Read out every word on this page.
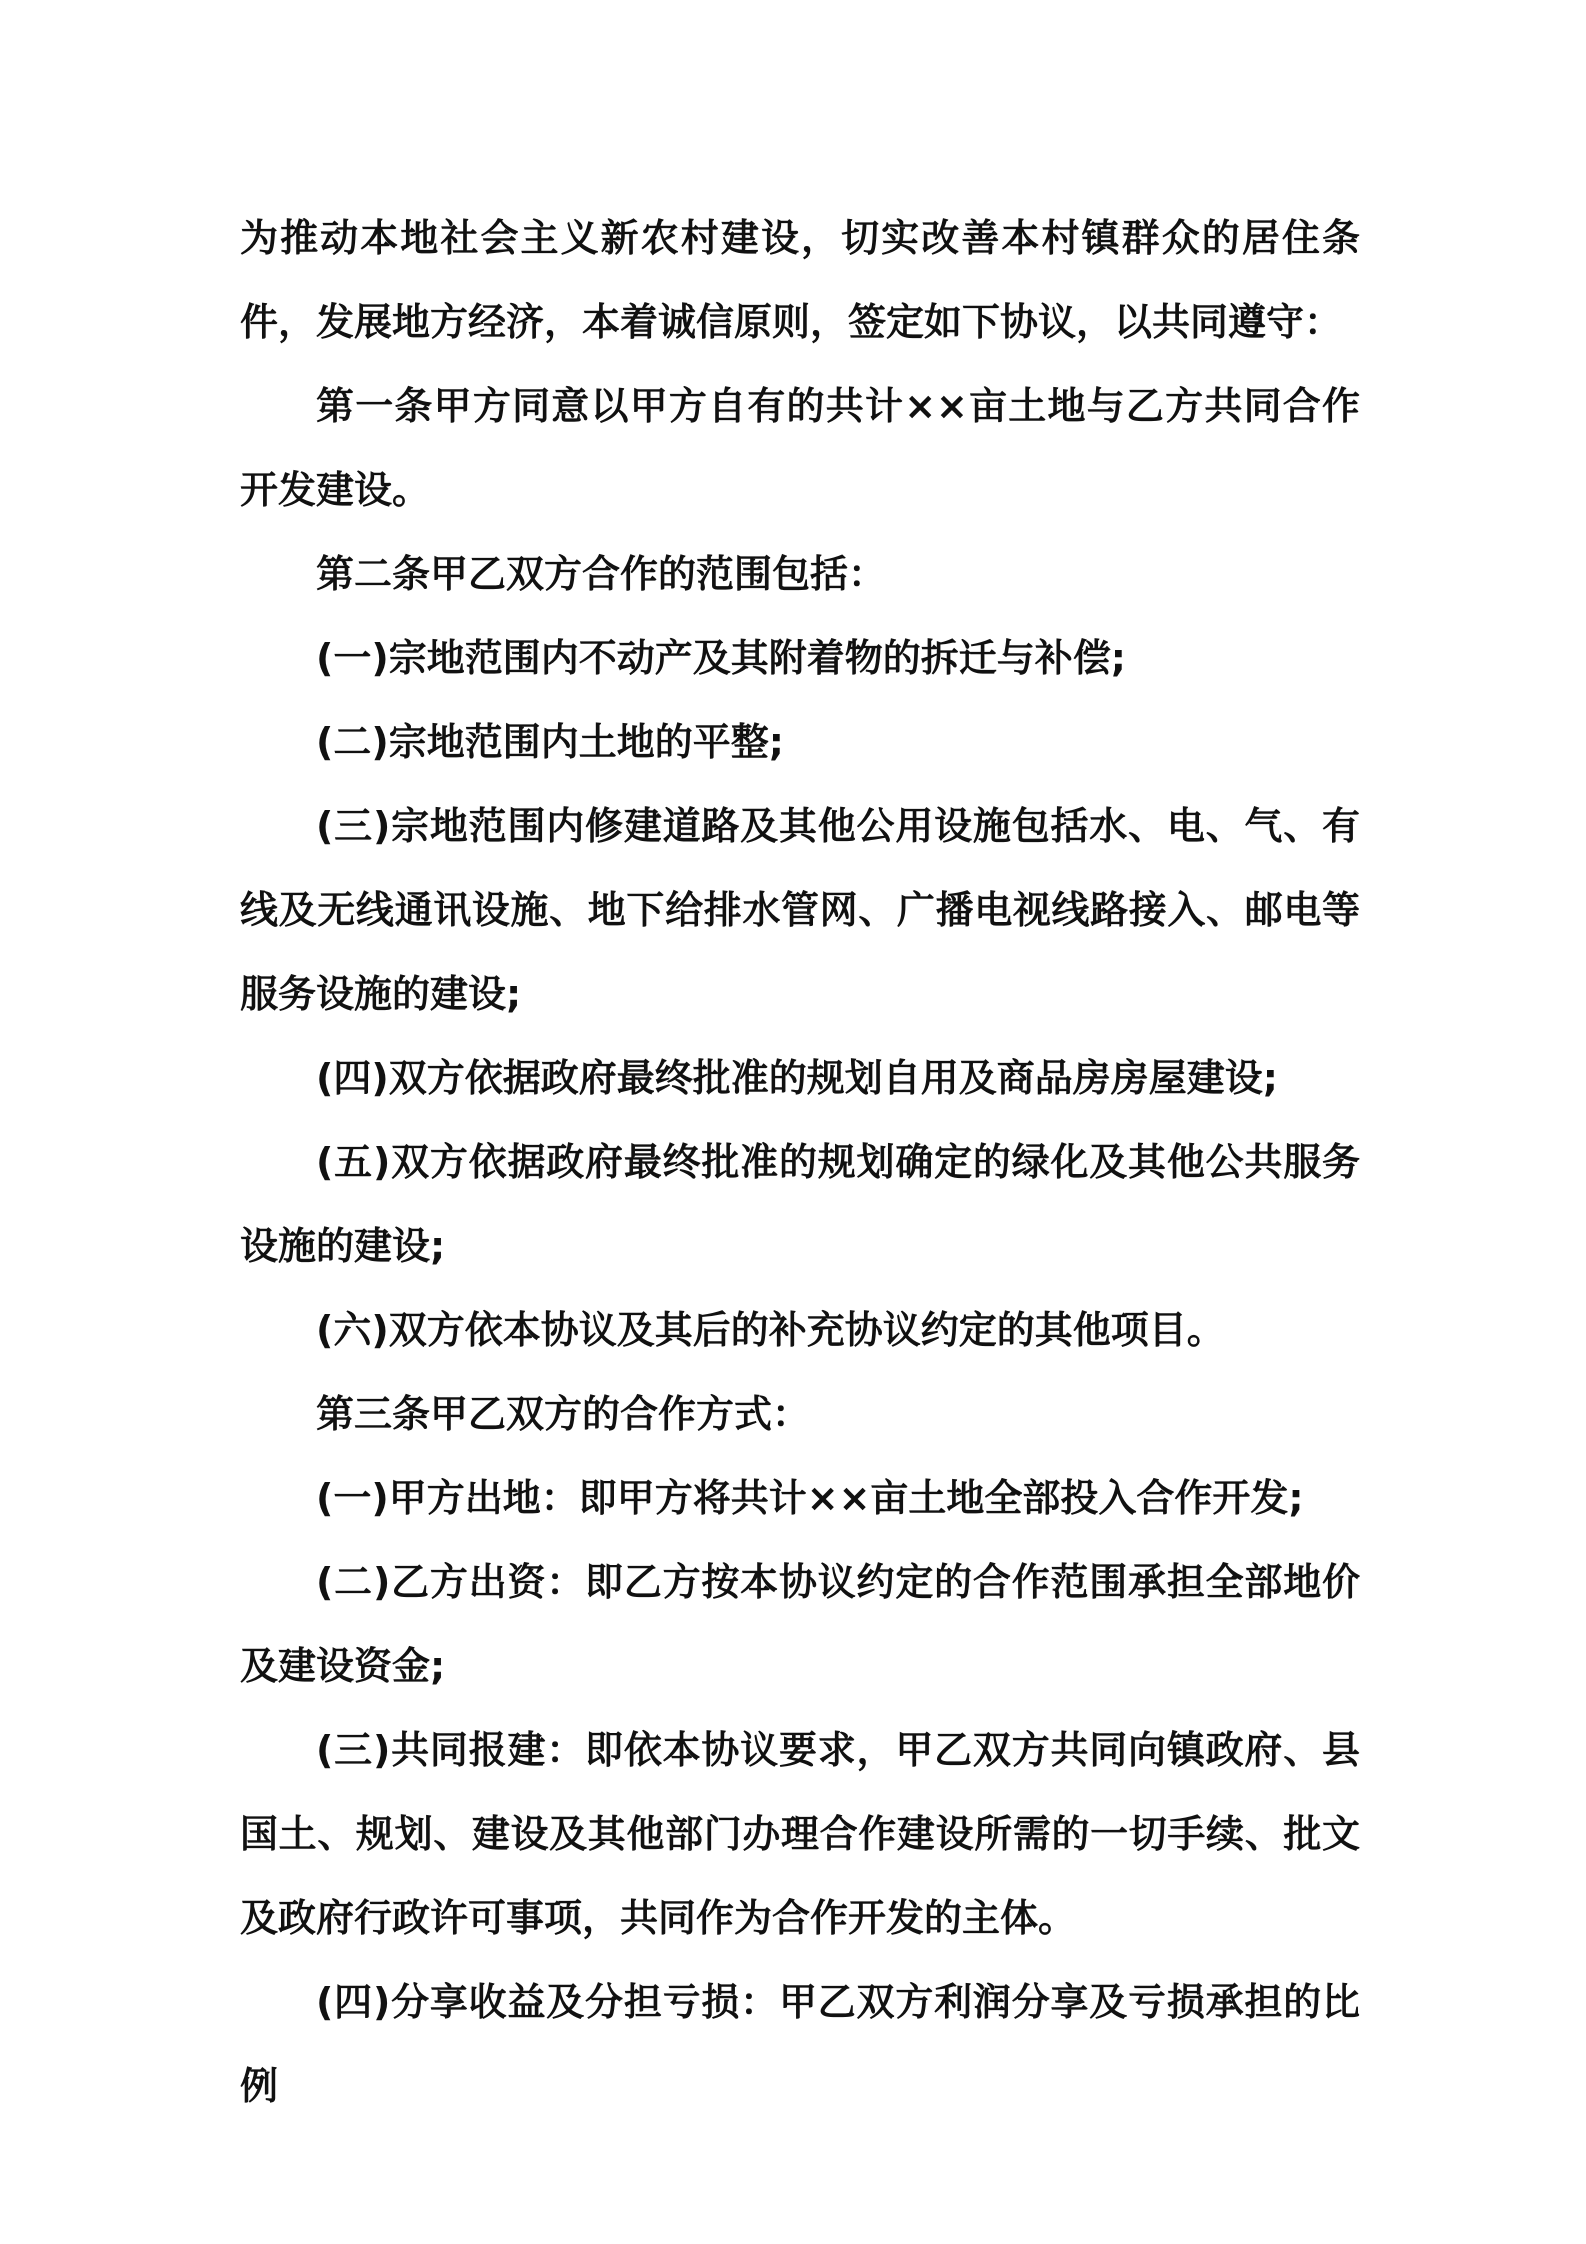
为推动本地社会主义新农村建设，切实改善本村镇群众的居住条件，发展地方经济，本着诚信原则，签定如下协议，以共同遵守：

第一条甲方同意以甲方自有的共计××亩土地与乙方共同合作开发建设。

第二条甲乙双方合作的范围包括：

(一)宗地范围内不动产及其附着物的拆迁与补偿;

(二)宗地范围内土地的平整;

(三)宗地范围内修建道路及其他公用设施包括水、电、气、有线及无线通讯设施、地下给排水管网、广播电视线路接入、邮电等服务设施的建设;

(四)双方依据政府最终批准的规划自用及商品房房屋建设;

(五)双方依据政府最终批准的规划确定的绿化及其他公共服务设施的建设;

(六)双方依本协议及其后的补充协议约定的其他项目。

第三条甲乙双方的合作方式：

(一)甲方出地：即甲方将共计××亩土地全部投入合作开发;

(二)乙方出资：即乙方按本协议约定的合作范围承担全部地价及建设资金;

(三)共同报建：即依本协议要求，甲乙双方共同向镇政府、县国土、规划、建设及其他部门办理合作建设所需的一切手续、批文及政府行政许可事项，共同作为合作开发的主体。

(四)分享收益及分担亏损：甲乙双方利润分享及亏损承担的比例
